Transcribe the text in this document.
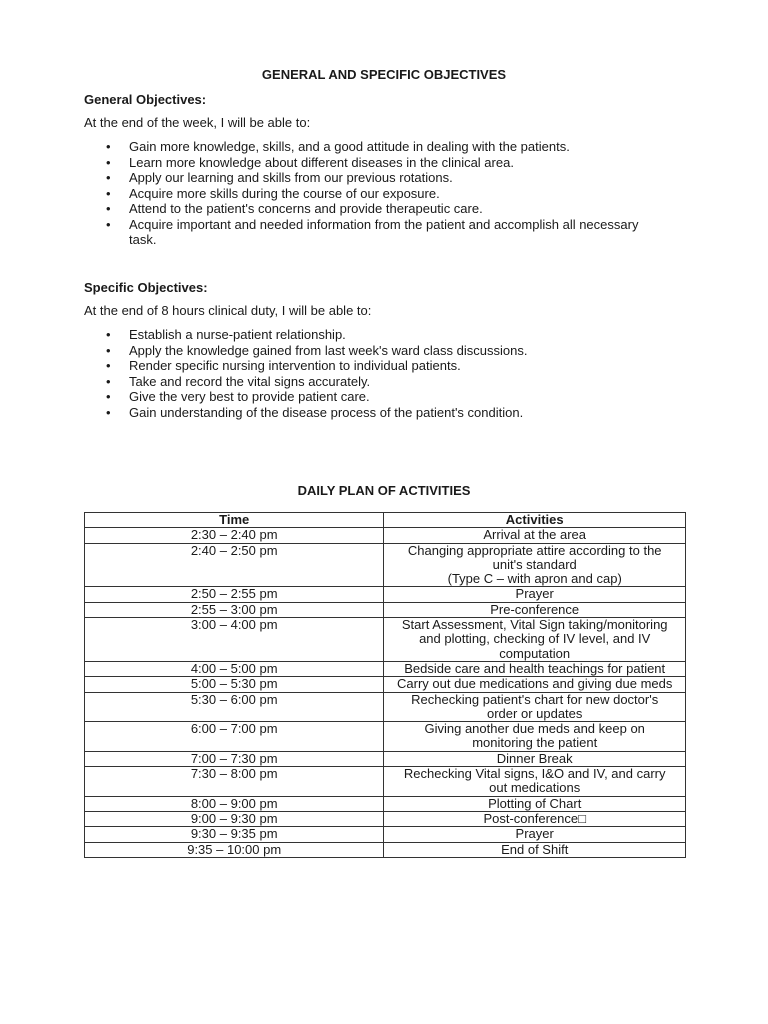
GENERAL AND SPECIFIC OBJECTIVES
General Objectives:
At the end of the week, I will be able to:
• Gain more knowledge, skills, and a good attitude in dealing with the patients.
• Learn more knowledge about different diseases in the clinical area.
• Apply our learning and skills from our previous rotations.
• Acquire more skills during the course of our exposure.
• Attend to the patient's concerns and provide therapeutic care.
• Acquire important and needed information from the patient and accomplish all necessary task.
Specific Objectives:
At the end of 8 hours clinical duty, I will be able to:
• Establish a nurse-patient relationship.
• Apply the knowledge gained from last week's ward class discussions.
• Render specific nursing intervention to individual patients.
• Take and record the vital signs accurately.
• Give the very best to provide patient care.
• Gain understanding of the disease process of the patient's condition.
DAILY PLAN OF ACTIVITIES
Time	Activities
2:30 – 2:40 pm	Arrival at the area
2:40 – 2:50 pm	Changing appropriate attire according to the unit's standard
(Type C – with apron and cap)
2:50 – 2:55 pm	Prayer
2:55 – 3:00 pm	Pre-conference
3:00 – 4:00 pm	Start Assessment, Vital Sign taking/monitoring and plotting, checking of IV level, and IV computation
4:00 – 5:00 pm	Bedside care and health teachings for patient
5:00 – 5:30 pm	Carry out due medications and giving due meds
5:30 – 6:00 pm	Rechecking patient's chart for new doctor's order or updates
6:00 – 7:00 pm	Giving another due meds and keep on monitoring the patient
7:00 – 7:30 pm	Dinner Break
7:30 – 8:00 pm	Rechecking Vital signs, I&O and IV, and carry out medications
8:00 – 9:00 pm	Plotting of Chart
9:00 – 9:30 pm	Post-conference□
9:30 – 9:35 pm	Prayer
9:35 – 10:00 pm	End of Shift
